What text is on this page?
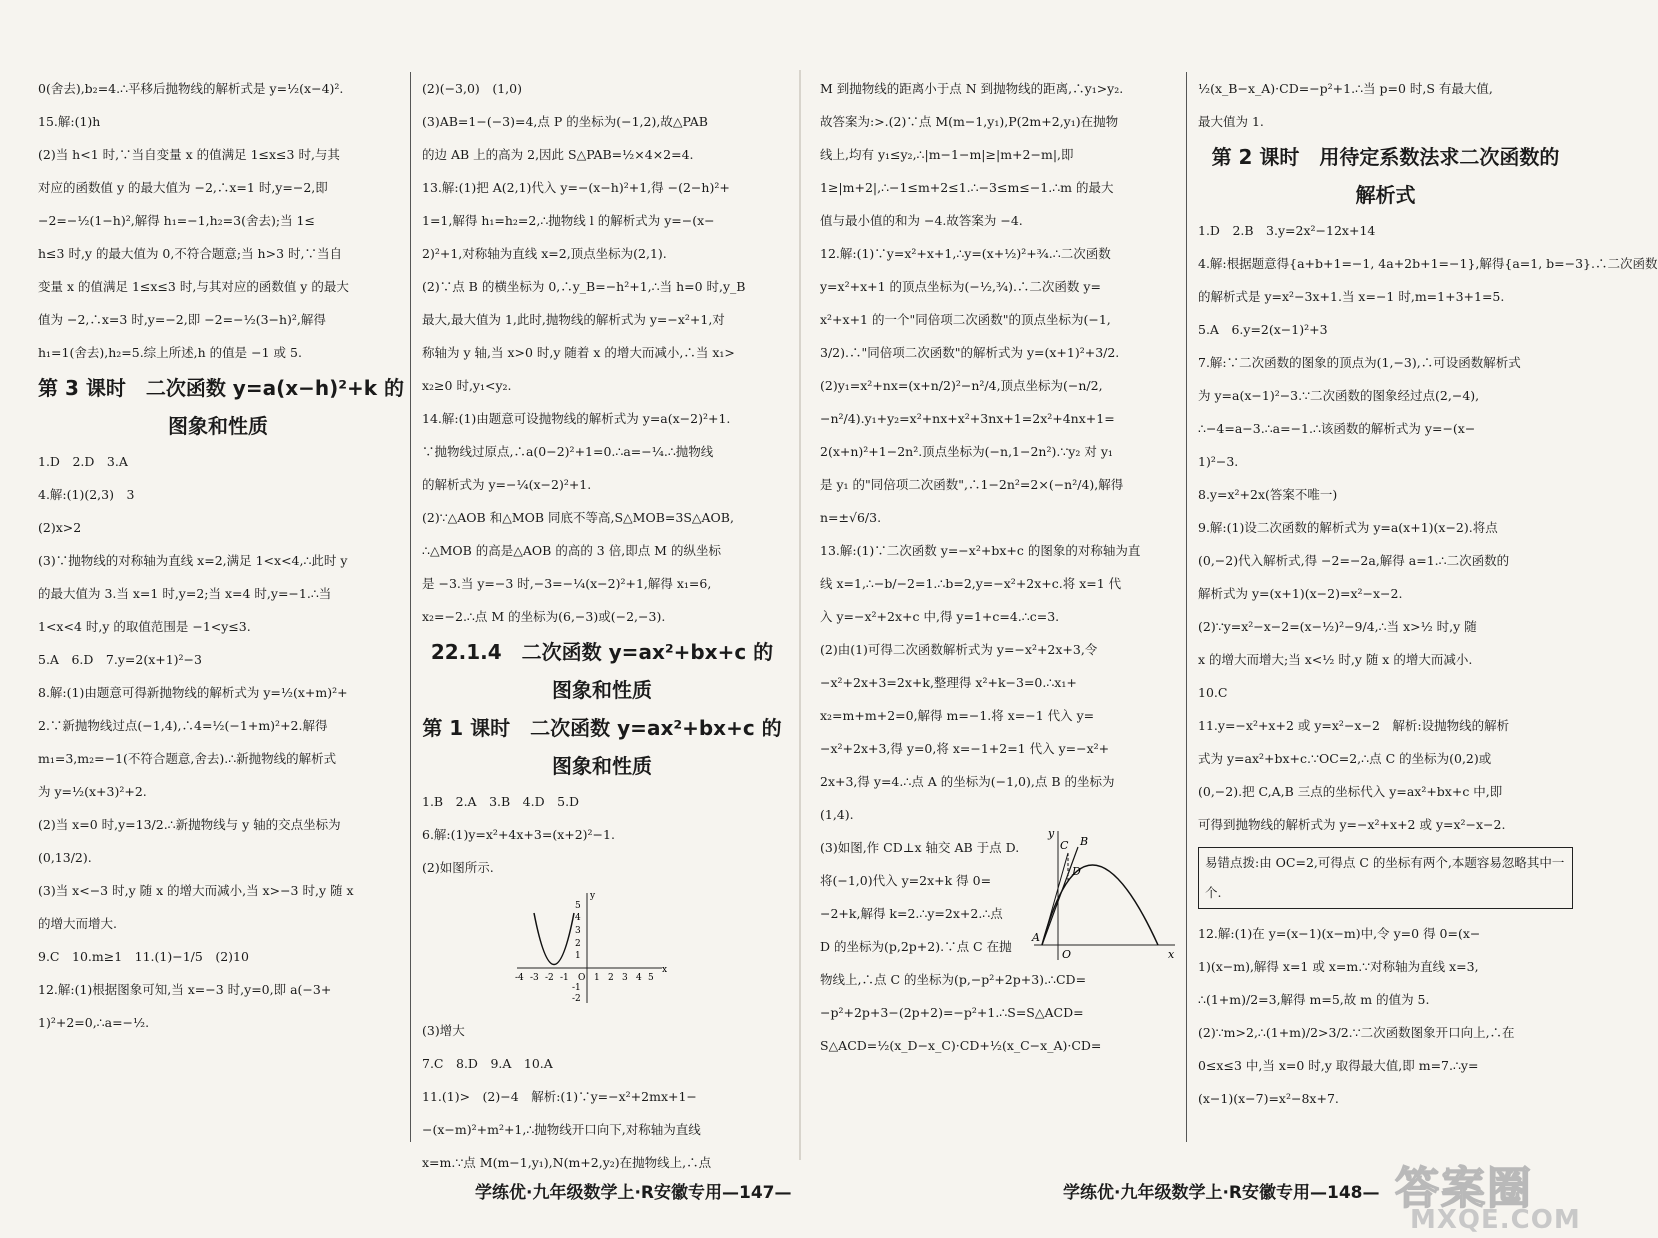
0(舍去),b₂=4.∴平移后抛物线的解析式是 y=½(x−4)².
15.解:(1)h
(2)当 h<1 时,∵当自变量 x 的值满足 1≤x≤3 时,与其
对应的函数值 y 的最大值为 −2,∴x=1 时,y=−2,即
−2=−½(1−h)²,解得 h₁=−1,h₂=3(舍去);当 1≤
h≤3 时,y 的最大值为 0,不符合题意;当 h>3 时,∵当自
变量 x 的值满足 1≤x≤3 时,与其对应的函数值 y 的最大
值为 −2,∴x=3 时,y=−2,即 −2=−½(3−h)²,解得
h₁=1(舍去),h₂=5.综上所述,h 的值是 −1 或 5.
第 3 课时　二次函数 y=a(x−h)²+k 的
图象和性质
1.D　2.D　3.A
4.解:(1)(2,3)　3
(2)x>2
(3)∵抛物线的对称轴为直线 x=2,满足 1<x<4,∴此时 y
的最大值为 3.当 x=1 时,y=2;当 x=4 时,y=−1.∴当
1<x<4 时,y 的取值范围是 −1<y≤3.
5.A　6.D　7.y=2(x+1)²−3
8.解:(1)由题意可得新抛物线的解析式为 y=½(x+m)²+
2.∵新抛物线过点(−1,4),∴4=½(−1+m)²+2.解得
m₁=3,m₂=−1(不符合题意,舍去).∴新抛物线的解析式
为 y=½(x+3)²+2.
(2)当 x=0 时,y=13/2.∴新抛物线与 y 轴的交点坐标为
(0,13/2).
(3)当 x<−3 时,y 随 x 的增大而减小,当 x>−3 时,y 随 x
的增大而增大.
9.C　10.m≥1　11.(1)−1/5　(2)10
12.解:(1)根据图象可知,当 x=−3 时,y=0,即 a(−3+
1)²+2=0,∴a=−½.
(2)(−3,0)　(1,0)
(3)AB=1−(−3)=4,点 P 的坐标为(−1,2),故△PAB
的边 AB 上的高为 2,因此 S△PAB=½×4×2=4.
13.解:(1)把 A(2,1)代入 y=−(x−h)²+1,得 −(2−h)²+
1=1,解得 h₁=h₂=2,∴抛物线 l 的解析式为 y=−(x−
2)²+1,对称轴为直线 x=2,顶点坐标为(2,1).
(2)∵点 B 的横坐标为 0,∴y_B=−h²+1,∴当 h=0 时,y_B
最大,最大值为 1,此时,抛物线的解析式为 y=−x²+1,对
称轴为 y 轴,当 x>0 时,y 随着 x 的增大而减小,∴当 x₁>
x₂≥0 时,y₁<y₂.
14.解:(1)由题意可设抛物线的解析式为 y=a(x−2)²+1.
∵抛物线过原点,∴a(0−2)²+1=0.∴a=−¼.∴抛物线
的解析式为 y=−¼(x−2)²+1.
(2)∵△AOB 和△MOB 同底不等高,S△MOB=3S△AOB,
∴△MOB 的高是△AOB 的高的 3 倍,即点 M 的纵坐标
是 −3.当 y=−3 时,−3=−¼(x−2)²+1,解得 x₁=6,
x₂=−2.∴点 M 的坐标为(6,−3)或(−2,−3).
22.1.4　二次函数 y=ax²+bx+c 的
图象和性质
第 1 课时　二次函数 y=ax²+bx+c 的
图象和性质
1.B　2.A　3.B　4.D　5.D
6.解:(1)y=x²+4x+3=(x+2)²−1.
(2)如图所示.
-4 -3 -2 -1 O 1 2 3 4 5
x
5
4
3
2
1
-1
-2
y
(3)增大
7.C　8.D　9.A　10.A
11.(1)>　(2)−4　解析:(1)∵y=−x²+2mx+1−
−(x−m)²+m²+1,∴抛物线开口向下,对称轴为直线
x=m.∵点 M(m−1,y₁),N(m+2,y₂)在抛物线上,∴点
M 到抛物线的距离小于点 N 到抛物线的距离,∴y₁>y₂.
故答案为:>.(2)∵点 M(m−1,y₁),P(2m+2,y₁)在抛物
线上,均有 y₁≤y₂,∴|m−1−m|≥|m+2−m|,即
1≥|m+2|,∴−1≤m+2≤1.∴−3≤m≤−1.∴m 的最大
值与最小值的和为 −4.故答案为 −4.
12.解:(1)∵y=x²+x+1,∴y=(x+½)²+¾.∴二次函数
y=x²+x+1 的顶点坐标为(−½,¾).∴二次函数 y=
x²+x+1 的一个"同倍项二次函数"的顶点坐标为(−1,
3/2).∴"同倍项二次函数"的解析式为 y=(x+1)²+3/2.
(2)y₁=x²+nx=(x+n/2)²−n²/4,顶点坐标为(−n/2,
−n²/4).y₁+y₂=x²+nx+x²+3nx+1=2x²+4nx+1=
2(x+n)²+1−2n².顶点坐标为(−n,1−2n²).∵y₂ 对 y₁
是 y₁ 的"同倍项二次函数",∴1−2n²=2×(−n²/4),解得
n=±√6/3.
13.解:(1)∵二次函数 y=−x²+bx+c 的图象的对称轴为直
线 x=1,∴−b/−2=1.∴b=2,y=−x²+2x+c.将 x=1 代
入 y=−x²+2x+c 中,得 y=1+c=4.∴c=3.
(2)由(1)可得二次函数解析式为 y=−x²+2x+3,令
−x²+2x+3=2x+k,整理得 x²+k−3=0.∴x₁+
x₂=m+m+2=0,解得 m=−1.将 x=−1 代入 y=
−x²+2x+3,得 y=0,将 x=−1+2=1 代入 y=−x²+
2x+3,得 y=4.∴点 A 的坐标为(−1,0),点 B 的坐标为
(1,4).
(3)如图,作 CD⊥x 轴交 AB 于点 D.
将(−1,0)代入 y=2x+k 得 0=
−2+k,解得 k=2.∴y=2x+2.∴点
D 的坐标为(p,2p+2).∵点 C 在抛
y
C B
D
A
O	x
物线上,∴点 C 的坐标为(p,−p²+2p+3).∴CD=
−p²+2p+3−(2p+2)=−p²+1.∴S=S△ACD=
S△ACD=½(x_D−x_C)·CD+½(x_C−x_A)·CD=
½(x_B−x_A)·CD=−p²+1.∴当 p=0 时,S 有最大值,
最大值为 1.
第 2 课时　用待定系数法求二次函数的
解析式
1.D　2.B　3.y=2x²−12x+14
4.解:根据题意得{a+b+1=−1, 4a+2b+1=−1},解得{a=1, b=−3}.∴二次函数
的解析式是 y=x²−3x+1.当 x=−1 时,m=1+3+1=5.
5.A　6.y=2(x−1)²+3
7.解:∵二次函数的图象的顶点为(1,−3),∴可设函数解析式
为 y=a(x−1)²−3.∵二次函数的图象经过点(2,−4),
∴−4=a−3.∴a=−1.∴该函数的解析式为 y=−(x−
1)²−3.
8.y=x²+2x(答案不唯一)
9.解:(1)设二次函数的解析式为 y=a(x+1)(x−2).将点
(0,−2)代入解析式,得 −2=−2a,解得 a=1.∴二次函数的
解析式为 y=(x+1)(x−2)=x²−x−2.
(2)∵y=x²−x−2=(x−½)²−9/4,∴当 x>½ 时,y 随
x 的增大而增大;当 x<½ 时,y 随 x 的增大而减小.
10.C
11.y=−x²+x+2 或 y=x²−x−2　解析:设抛物线的解析
式为 y=ax²+bx+c.∵OC=2,∴点 C 的坐标为(0,2)或
(0,−2).把 C,A,B 三点的坐标代入 y=ax²+bx+c 中,即
可得到抛物线的解析式为 y=−x²+x+2 或 y=x²−x−2.
易错点拨:由 OC=2,可得点 C 的坐标有两个,本题容易忽略其中一个.
12.解:(1)在 y=(x−1)(x−m)中,令 y=0 得 0=(x−
1)(x−m),解得 x=1 或 x=m.∵对称轴为直线 x=3,
∴(1+m)/2=3,解得 m=5,故 m 的值为 5.
(2)∵m>2,∴(1+m)/2>3/2.∵二次函数图象开口向上,∴在
0≤x≤3 中,当 x=0 时,y 取得最大值,即 m=7.∴y=
(x−1)(x−7)=x²−8x+7.
学练优·九年级数学上·R安徽专用—147—	学练优·九年级数学上·R安徽专用—148— 答案圈
MXQE.COM
